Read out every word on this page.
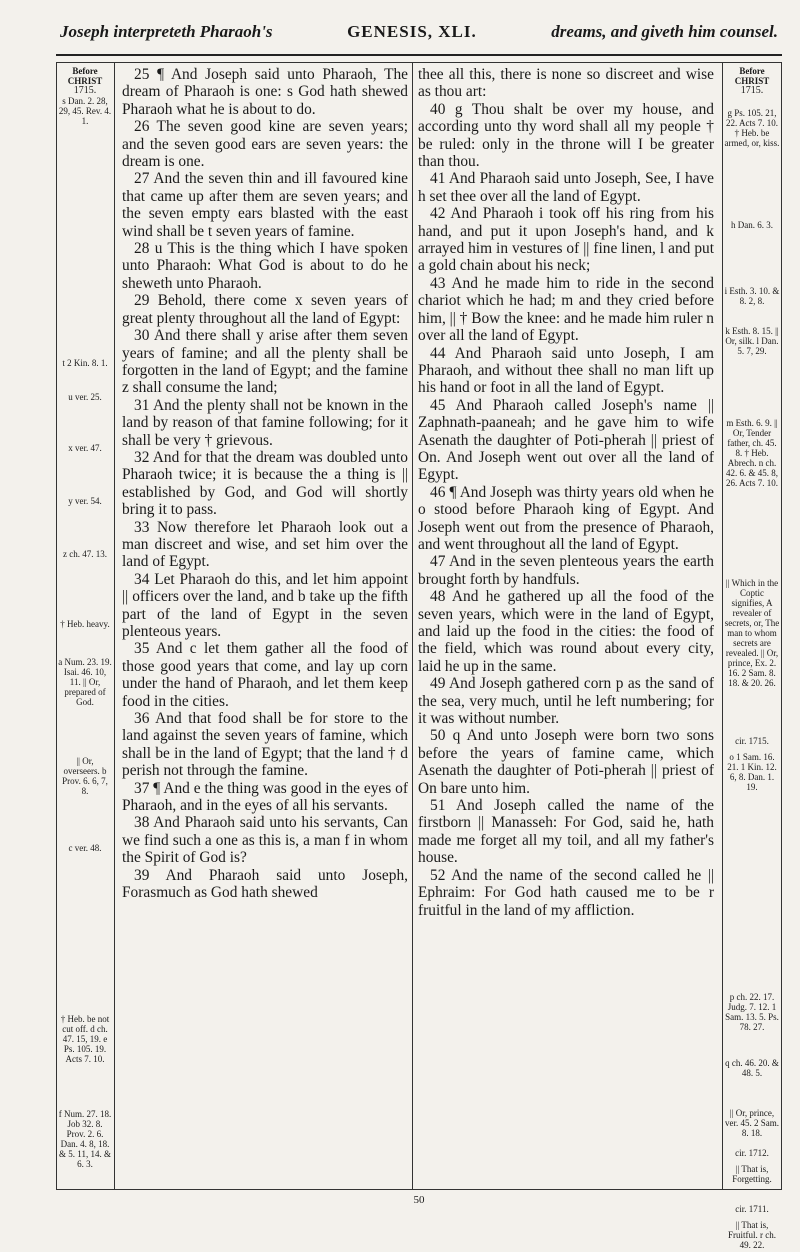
Joseph interpreteth Pharaoh's	GENESIS, XLI.	dreams, and giveth him counsel.
Before CHRIST
1715.
s Dan. 2. 28, 29, 45. Rev. 4. 1.
t 2 Kin. 8. 1.
u ver. 25.
x ver. 47.
y ver. 54.
z ch. 47. 13.
† Heb. heavy.
a Num. 23. 19. Isai. 46. 10, 11. || Or, prepared of God.
|| Or, overseers. b Prov. 6. 6, 7, 8.
c ver. 48.
† Heb. be not cut off. d ch. 47. 15, 19. e Ps. 105. 19. Acts 7. 10.
f Num. 27. 18. Job 32. 8. Prov. 2. 6. Dan. 4. 8, 18. & 5. 11, 14. & 6. 3.
Before CHRIST
1715.
g Ps. 105. 21, 22. Acts 7. 10. † Heb. be armed, or, kiss.
h Dan. 6. 3.
i Esth. 3. 10. & 8. 2, 8.
k Esth. 8. 15. || Or, silk. l Dan. 5. 7, 29.
m Esth. 6. 9. || Or, Tender father, ch. 45. 8. † Heb. Abrech. n ch. 42. 6. & 45. 8, 26. Acts 7. 10.
|| Which in the Coptic signifies, A revealer of secrets, or, The man to whom secrets are revealed. || Or, prince, Ex. 2. 16. 2 Sam. 8. 18. & 20. 26.
cir. 1715.
o 1 Sam. 16. 21. 1 Kin. 12. 6, 8. Dan. 1. 19.
p ch. 22. 17. Judg. 7. 12. 1 Sam. 13. 5. Ps. 78. 27.
q ch. 46. 20. & 48. 5.
|| Or, prince, ver. 45. 2 Sam. 8. 18.
cir. 1712.
|| That is, Forgetting.
cir. 1711.
|| That is, Fruitful. r ch. 49. 22.

25 ¶ And Joseph said unto Pharaoh, The dream of Pharaoh is one: s God hath shewed Pharaoh what he is about to do.

26 The seven good kine are seven years; and the seven good ears are seven years: the dream is one.

27 And the seven thin and ill favoured kine that came up after them are seven years; and the seven empty ears blasted with the east wind shall be t seven years of famine.

28 u This is the thing which I have spoken unto Pharaoh: What God is about to do he sheweth unto Pharaoh.

29 Behold, there come x seven years of great plenty throughout all the land of Egypt:

30 And there shall y arise after them seven years of famine; and all the plenty shall be forgotten in the land of Egypt; and the famine z shall consume the land;

31 And the plenty shall not be known in the land by reason of that famine following; for it shall be very † grievous.

32 And for that the dream was doubled unto Pharaoh twice; it is because the a thing is || established by God, and God will shortly bring it to pass.

33 Now therefore let Pharaoh look out a man discreet and wise, and set him over the land of Egypt.

34 Let Pharaoh do this, and let him appoint || officers over the land, and b take up the fifth part of the land of Egypt in the seven plenteous years.

35 And c let them gather all the food of those good years that come, and lay up corn under the hand of Pharaoh, and let them keep food in the cities.

36 And that food shall be for store to the land against the seven years of famine, which shall be in the land of Egypt; that the land † d perish not through the famine.

37 ¶ And e the thing was good in the eyes of Pharaoh, and in the eyes of all his servants.

38 And Pharaoh said unto his servants, Can we find such a one as this is, a man f in whom the Spirit of God is?

39 And Pharaoh said unto Joseph, Forasmuch as God hath shewed

thee all this, there is none so discreet and wise as thou art:

40 g Thou shalt be over my house, and according unto thy word shall all my people † be ruled: only in the throne will I be greater than thou.

41 And Pharaoh said unto Joseph, See, I have h set thee over all the land of Egypt.

42 And Pharaoh i took off his ring from his hand, and put it upon Joseph's hand, and k arrayed him in vestures of || fine linen, l and put a gold chain about his neck;

43 And he made him to ride in the second chariot which he had; m and they cried before him, || † Bow the knee: and he made him ruler n over all the land of Egypt.

44 And Pharaoh said unto Joseph, I am Pharaoh, and without thee shall no man lift up his hand or foot in all the land of Egypt.

45 And Pharaoh called Joseph's name || Zaphnath-paaneah; and he gave him to wife Asenath the daughter of Poti-pherah || priest of On. And Joseph went out over all the land of Egypt.

46 ¶ And Joseph was thirty years old when he o stood before Pharaoh king of Egypt. And Joseph went out from the presence of Pharaoh, and went throughout all the land of Egypt.

47 And in the seven plenteous years the earth brought forth by handfuls.

48 And he gathered up all the food of the seven years, which were in the land of Egypt, and laid up the food in the cities: the food of the field, which was round about every city, laid he up in the same.

49 And Joseph gathered corn p as the sand of the sea, very much, until he left numbering; for it was without number.

50 q And unto Joseph were born two sons before the years of famine came, which Asenath the daughter of Poti-pherah || priest of On bare unto him.

51 And Joseph called the name of the firstborn || Manasseh: For God, said he, hath made me forget all my toil, and all my father's house.

52 And the name of the second called he || Ephraim: For God hath caused me to be r fruitful in the land of my affliction.

50
